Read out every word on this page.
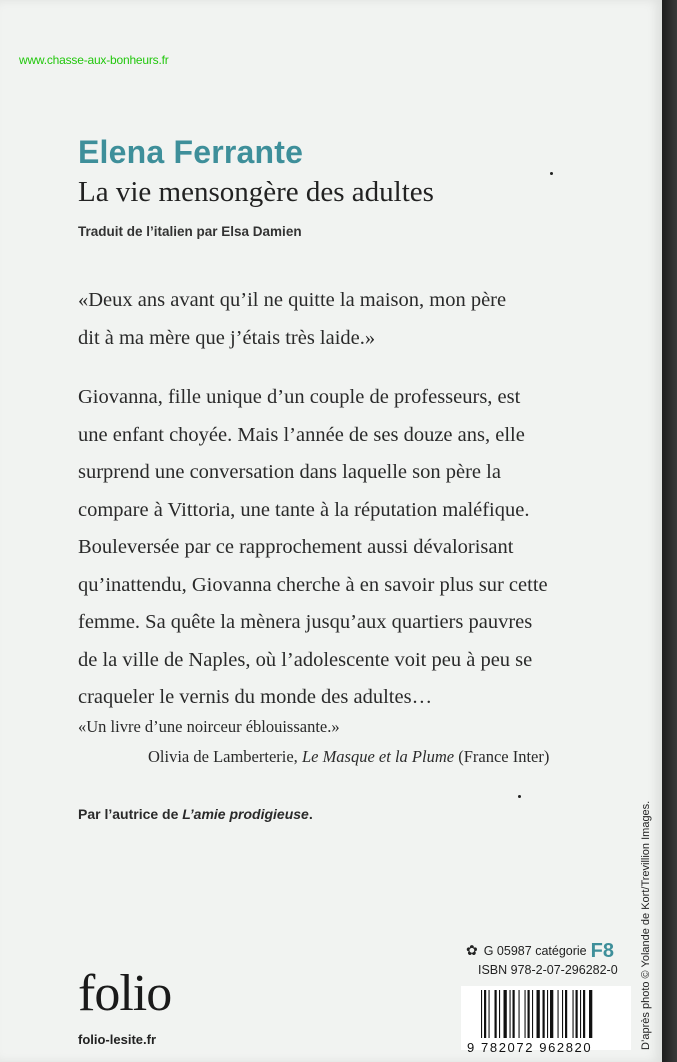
www.chasse-aux-bonheurs.fr
Elena Ferrante
La vie mensongère des adultes
Traduit de l’italien par Elsa Damien
«Deux ans avant qu’il ne quitte la maison, mon père
dit à ma mère que j’étais très laide.»
Giovanna, fille unique d’un couple de professeurs, est
une enfant choyée. Mais l’année de ses douze ans, elle
surprend une conversation dans laquelle son père la
compare à Vittoria, une tante à la réputation maléfique.
Bouleversée par ce rapprochement aussi dévalorisant
qu’inattendu, Giovanna cherche à en savoir plus sur cette
femme. Sa quête la mènera jusqu’aux quartiers pauvres
de la ville de Naples, où l’adolescente voit peu à peu se
craqueler le vernis du monde des adultes…
«Un livre d’une noirceur éblouissante.»
Olivia de Lamberterie, Le Masque et la Plume (France Inter)
Par l’autrice de L’amie prodigieuse.
folio
folio-lesite.fr
✿ G 05987 catégorie F8
ISBN 978-2-07-296282-0
9 782072 962820	D’après photo © Yolande de Kort/Trevillion Images.
